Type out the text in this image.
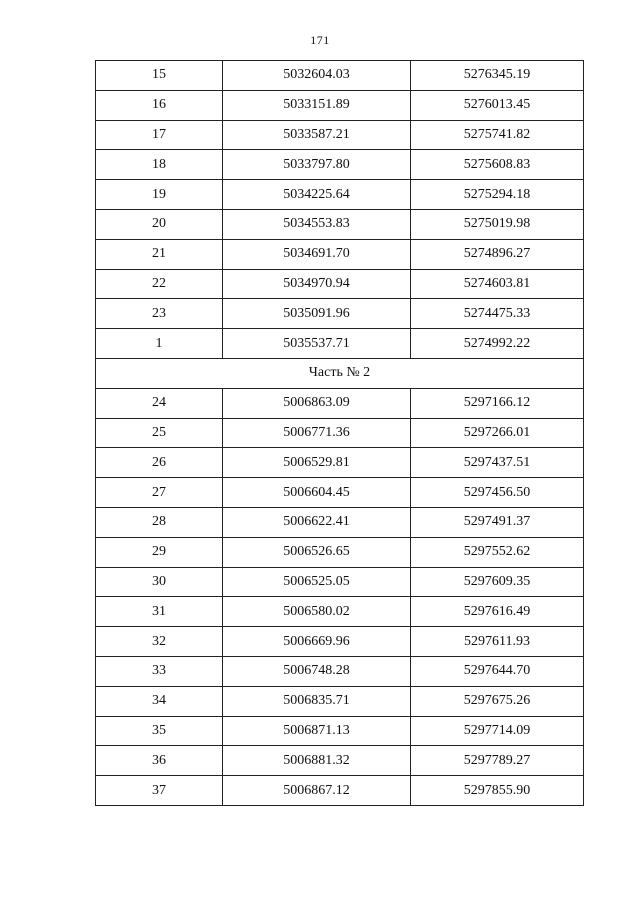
171
15	5032604.03	5276345.19
16	5033151.89	5276013.45
17	5033587.21	5275741.82
18	5033797.80	5275608.83
19	5034225.64	5275294.18
20	5034553.83	5275019.98
21	5034691.70	5274896.27
22	5034970.94	5274603.81
23	5035091.96	5274475.33
1	5035537.71	5274992.22
Часть № 2		
24	5006863.09	5297166.12
25	5006771.36	5297266.01
26	5006529.81	5297437.51
27	5006604.45	5297456.50
28	5006622.41	5297491.37
29	5006526.65	5297552.62
30	5006525.05	5297609.35
31	5006580.02	5297616.49
32	5006669.96	5297611.93
33	5006748.28	5297644.70
34	5006835.71	5297675.26
35	5006871.13	5297714.09
36	5006881.32	5297789.27
37	5006867.12	5297855.90
